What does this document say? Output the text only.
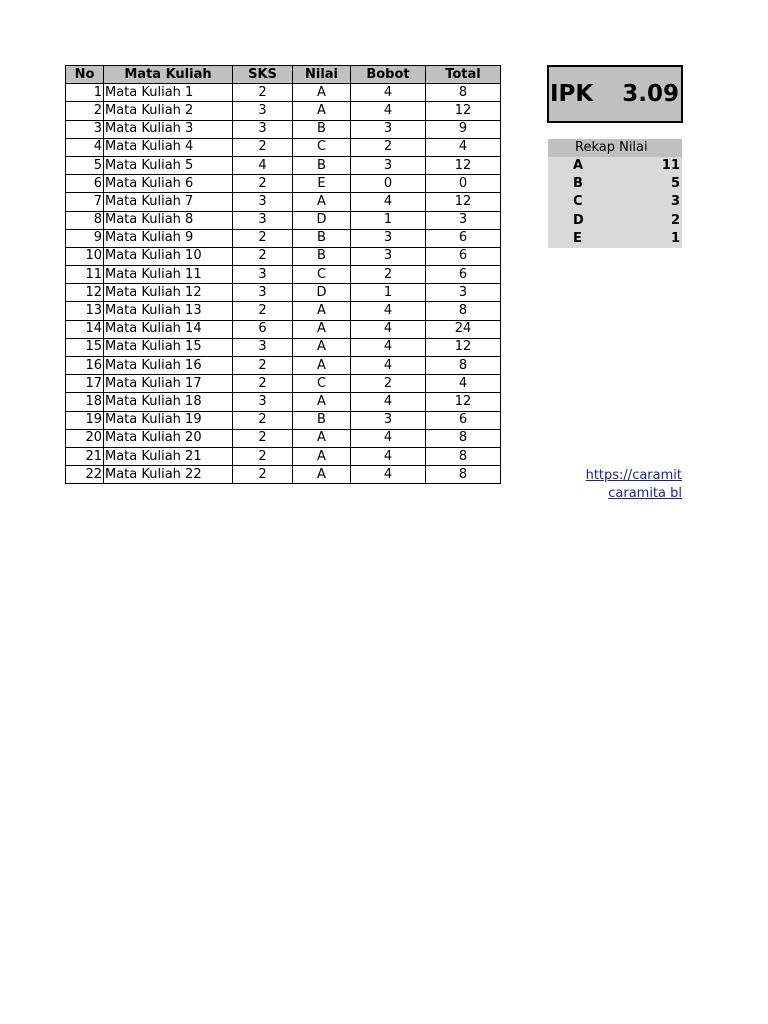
No	Mata Kuliah	SKS	Nilai	Bobot	Total
1	Mata Kuliah 1	2	A	4	8
2	Mata Kuliah 2	3	A	4	12
3	Mata Kuliah 3	3	B	3	9
4	Mata Kuliah 4	2	C	2	4
5	Mata Kuliah 5	4	B	3	12
6	Mata Kuliah 6	2	E	0	0
7	Mata Kuliah 7	3	A	4	12
8	Mata Kuliah 8	3	D	1	3
9	Mata Kuliah 9	2	B	3	6
10	Mata Kuliah 10	2	B	3	6
11	Mata Kuliah 11	3	C	2	6
12	Mata Kuliah 12	3	D	1	3
13	Mata Kuliah 13	2	A	4	8
14	Mata Kuliah 14	6	A	4	24
15	Mata Kuliah 15	3	A	4	12
16	Mata Kuliah 16	2	A	4	8
17	Mata Kuliah 17	2	C	2	4
18	Mata Kuliah 18	3	A	4	12
19	Mata Kuliah 19	2	B	3	6
20	Mata Kuliah 20	2	A	4	8
21	Mata Kuliah 21	2	A	4	8
22	Mata Kuliah 22	2	A	4	8
IPK 3.09
Rekap Nilai
A	11
B	5
C	3
D	2
E	1
https://caramit
caramita bl
